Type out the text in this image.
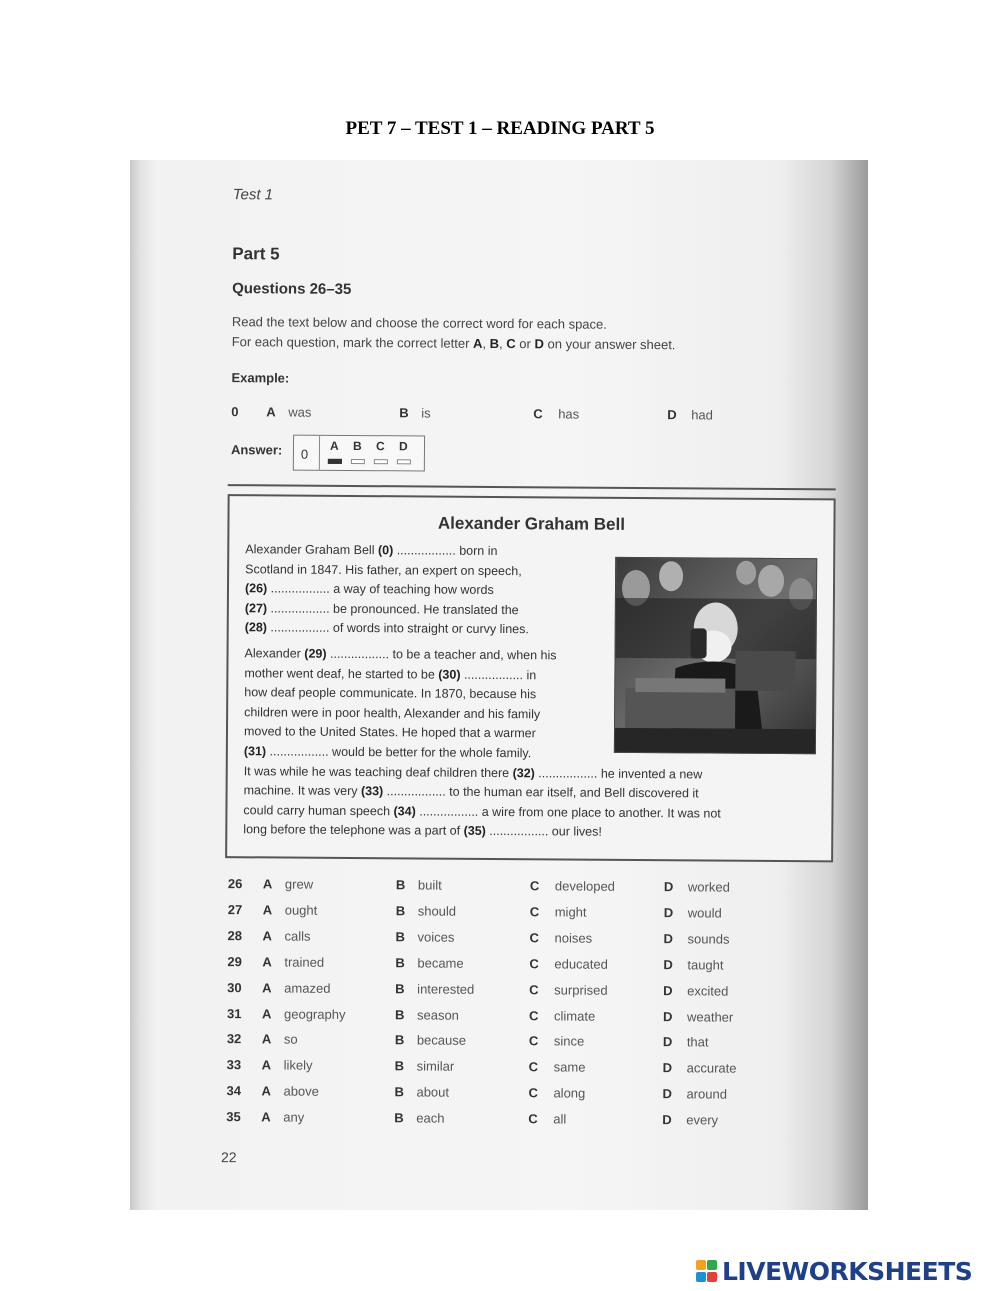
PET 7 – TEST 1 – READING PART 5
Test 1
Part 5
Questions 26–35
Read the text below and choose the correct word for each space.
For each question, mark the correct letter A, B, C or D on your answer sheet.
Example:
0 A was	B is	C has	D had
Answer: 0
A B C D
Alexander Graham Bell
Alexander Graham Bell (0) ................. born in
Scotland in 1847. His father, an expert on speech,
(26) ................. a way of teaching how words
(27) ................. be pronounced. He translated the
(28) ................. of words into straight or curvy lines.
Alexander (29) ................. to be a teacher and, when his
mother went deaf, he started to be (30) ................. in
how deaf people communicate. In 1870, because his
children were in poor health, Alexander and his family
moved to the United States. He hoped that a warmer
(31) ................. would be better for the whole family.
It was while he was teaching deaf children there (32) ................. he invented a new
machine. It was very (33) ................. to the human ear itself, and Bell discovered it
could carry human speech (34) ................. a wire from one place to another. It was not
long before the telephone was a part of (35) ................. our lives!
26 A grew	B built	C developed	D worked
27 A ought	B should	C might	D would
28 A calls	B voices	C noises	D sounds
29 A trained	B became	C educated	D taught
30 A amazed	B interested	C surprised	D excited
31 A geography	B season	C climate	D weather
32 A so	B because	C since	D that
33 A likely	B similar	C same	D accurate
34 A above	B about	C along	D around
35 A any	B each	C all	D every
22
LIVEWORKSHEETS
